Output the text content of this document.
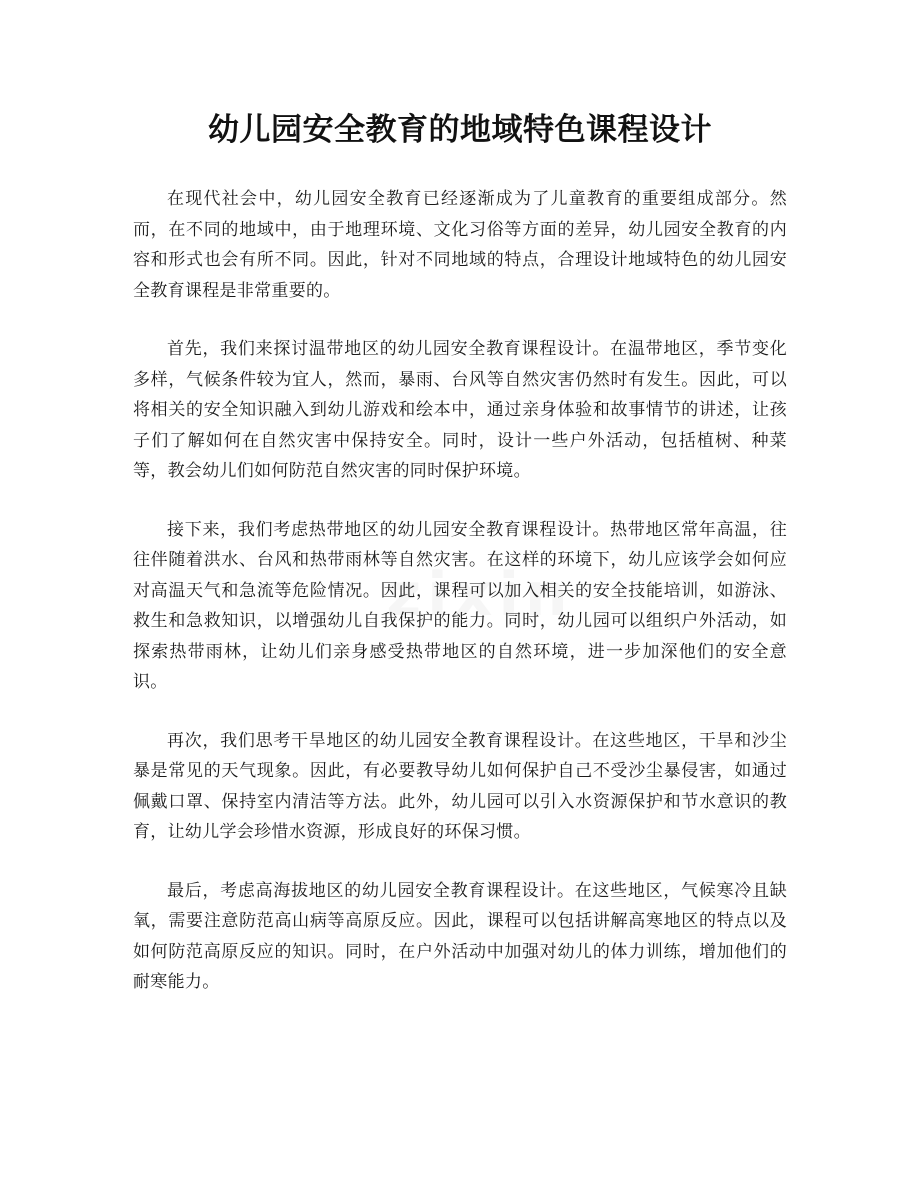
幼儿园安全教育的地域特色课程设计

在现代社会中，幼儿园安全教育已经逐渐成为了儿童教育的重要组成部分。然而，在不同的地域中，由于地理环境、文化习俗等方面的差异，幼儿园安全教育的内容和形式也会有所不同。因此，针对不同地域的特点，合理设计地域特色的幼儿园安全教育课程是非常重要的。

首先，我们来探讨温带地区的幼儿园安全教育课程设计。在温带地区，季节变化多样，气候条件较为宜人，然而，暴雨、台风等自然灾害仍然时有发生。因此，可以将相关的安全知识融入到幼儿游戏和绘本中，通过亲身体验和故事情节的讲述，让孩子们了解如何在自然灾害中保持安全。同时，设计一些户外活动，包括植树、种菜等，教会幼儿们如何防范自然灾害的同时保护环境。

接下来，我们考虑热带地区的幼儿园安全教育课程设计。热带地区常年高温，往往伴随着洪水、台风和热带雨林等自然灾害。在这样的环境下，幼儿应该学会如何应对高温天气和急流等危险情况。因此，课程可以加入相关的安全技能培训，如游泳、救生和急救知识，以增强幼儿自我保护的能力。同时，幼儿园可以组织户外活动，如探索热带雨林，让幼儿们亲身感受热带地区的自然环境，进一步加深他们的安全意识。

再次，我们思考干旱地区的幼儿园安全教育课程设计。在这些地区，干旱和沙尘暴是常见的天气现象。因此，有必要教导幼儿如何保护自己不受沙尘暴侵害，如通过佩戴口罩、保持室内清洁等方法。此外，幼儿园可以引入水资源保护和节水意识的教育，让幼儿学会珍惜水资源，形成良好的环保习惯。

最后，考虑高海拔地区的幼儿园安全教育课程设计。在这些地区，气候寒冷且缺氧，需要注意防范高山病等高原反应。因此，课程可以包括讲解高寒地区的特点以及如何防范高原反应的知识。同时，在户外活动中加强对幼儿的体力训练，增加他们的耐寒能力。
